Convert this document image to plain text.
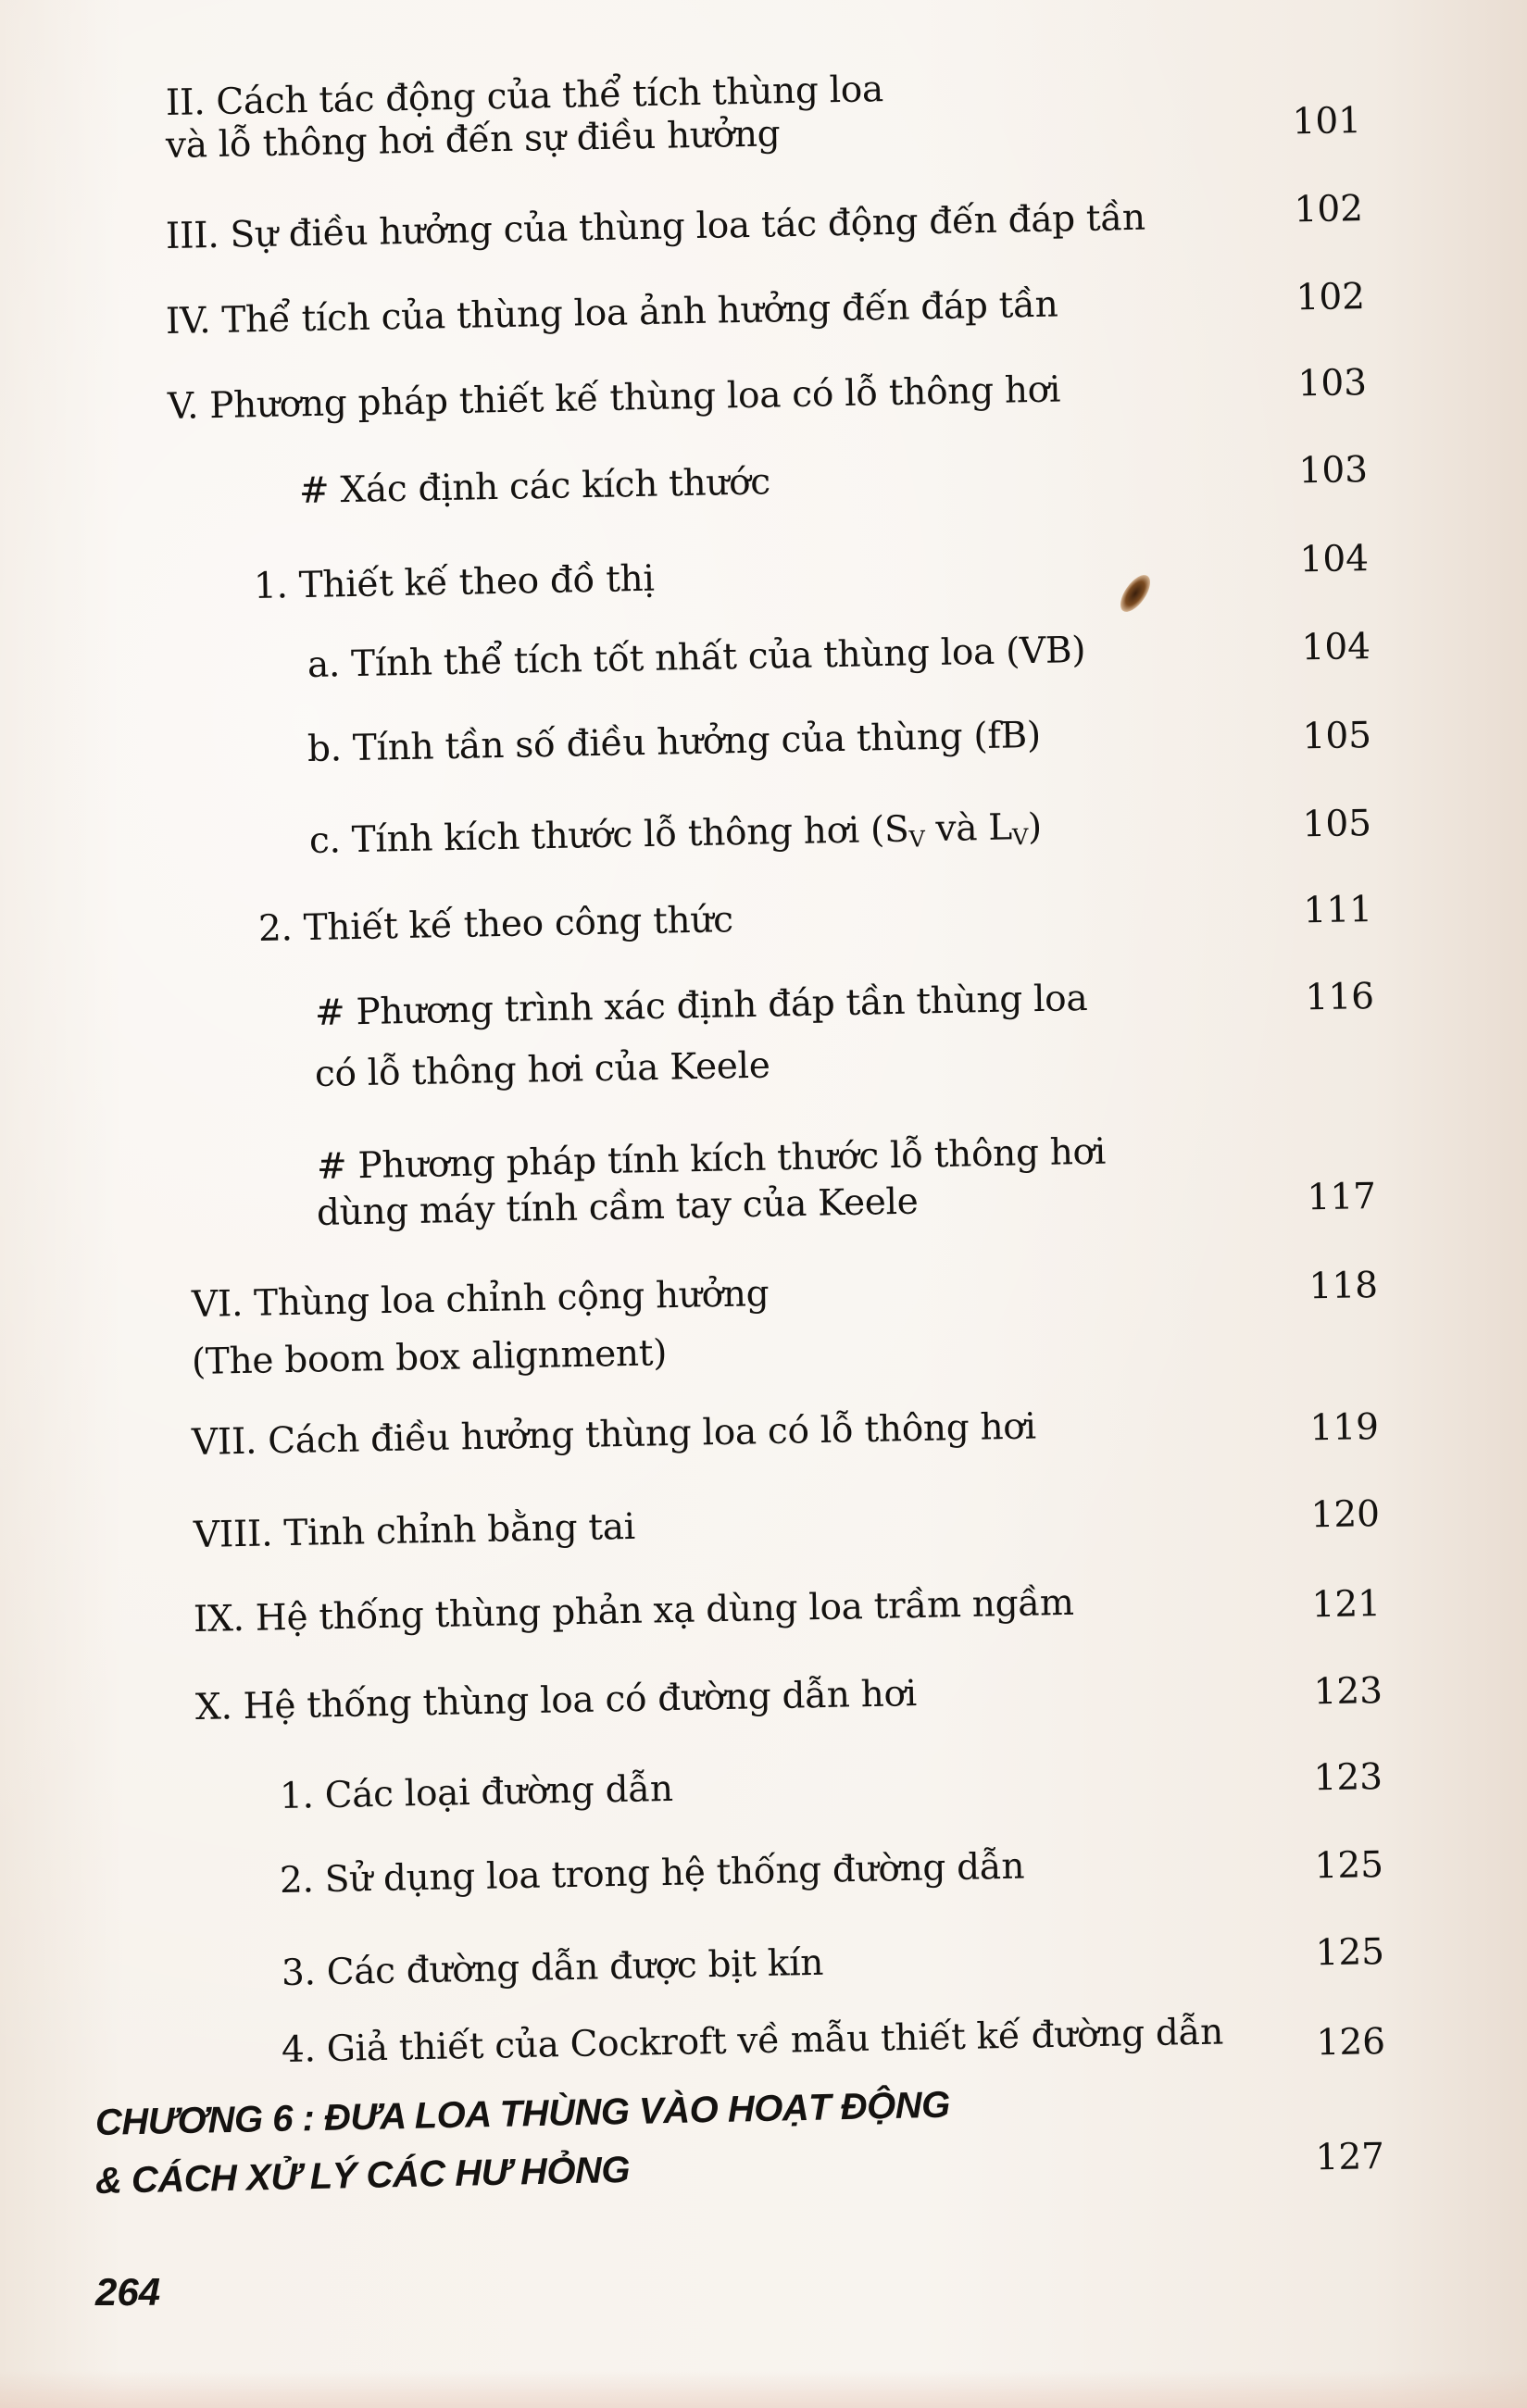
II. Cách tác động của thể tích thùng loa
và lỗ thông hơi đến sự điều hưởng	101
III. Sự điều hưởng của thùng loa tác động đến đáp tần	102
IV. Thể tích của thùng loa ảnh hưởng đến đáp tần	102
V. Phương pháp thiết kế thùng loa có lỗ thông hơi	103
# Xác định các kích thước	103
1. Thiết kế theo đồ thị	104
a. Tính thể tích tốt nhất của thùng loa (VB)	104
b. Tính tần số điều hưởng của thùng (fB)	105
c. Tính kích thước lỗ thông hơi ($S_V$ và $L_V$)	105
2. Thiết kế theo công thức	111
# Phương trình xác định đáp tần thùng loa
có lỗ thông hơi của Keele
116
# Phương pháp tính kích thước lỗ thông hơi
dùng máy tính cầm tay của Keele	117
VI. Thùng loa chỉnh cộng hưởng
(The boom box alignment)
118
VII. Cách điều hưởng thùng loa có lỗ thông hơi	119
VIII. Tinh chỉnh bằng tai	120
IX. Hệ thống thùng phản xạ dùng loa trầm ngầm	121
X. Hệ thống thùng loa có đường dẫn hơi	123
1. Các loại đường dẫn	123
2. Sử dụng loa trong hệ thống đường dẫn	125
3. Các đường dẫn được bịt kín	125
4. Giả thiết của Cockroft về mẫu thiết kế đường dẫn	126
CHƯƠNG 6 : ĐƯA LOA THÙNG VÀO HOẠT ĐỘNG
& CÁCH XỬ LÝ CÁC HƯ HỎNG	127
264
